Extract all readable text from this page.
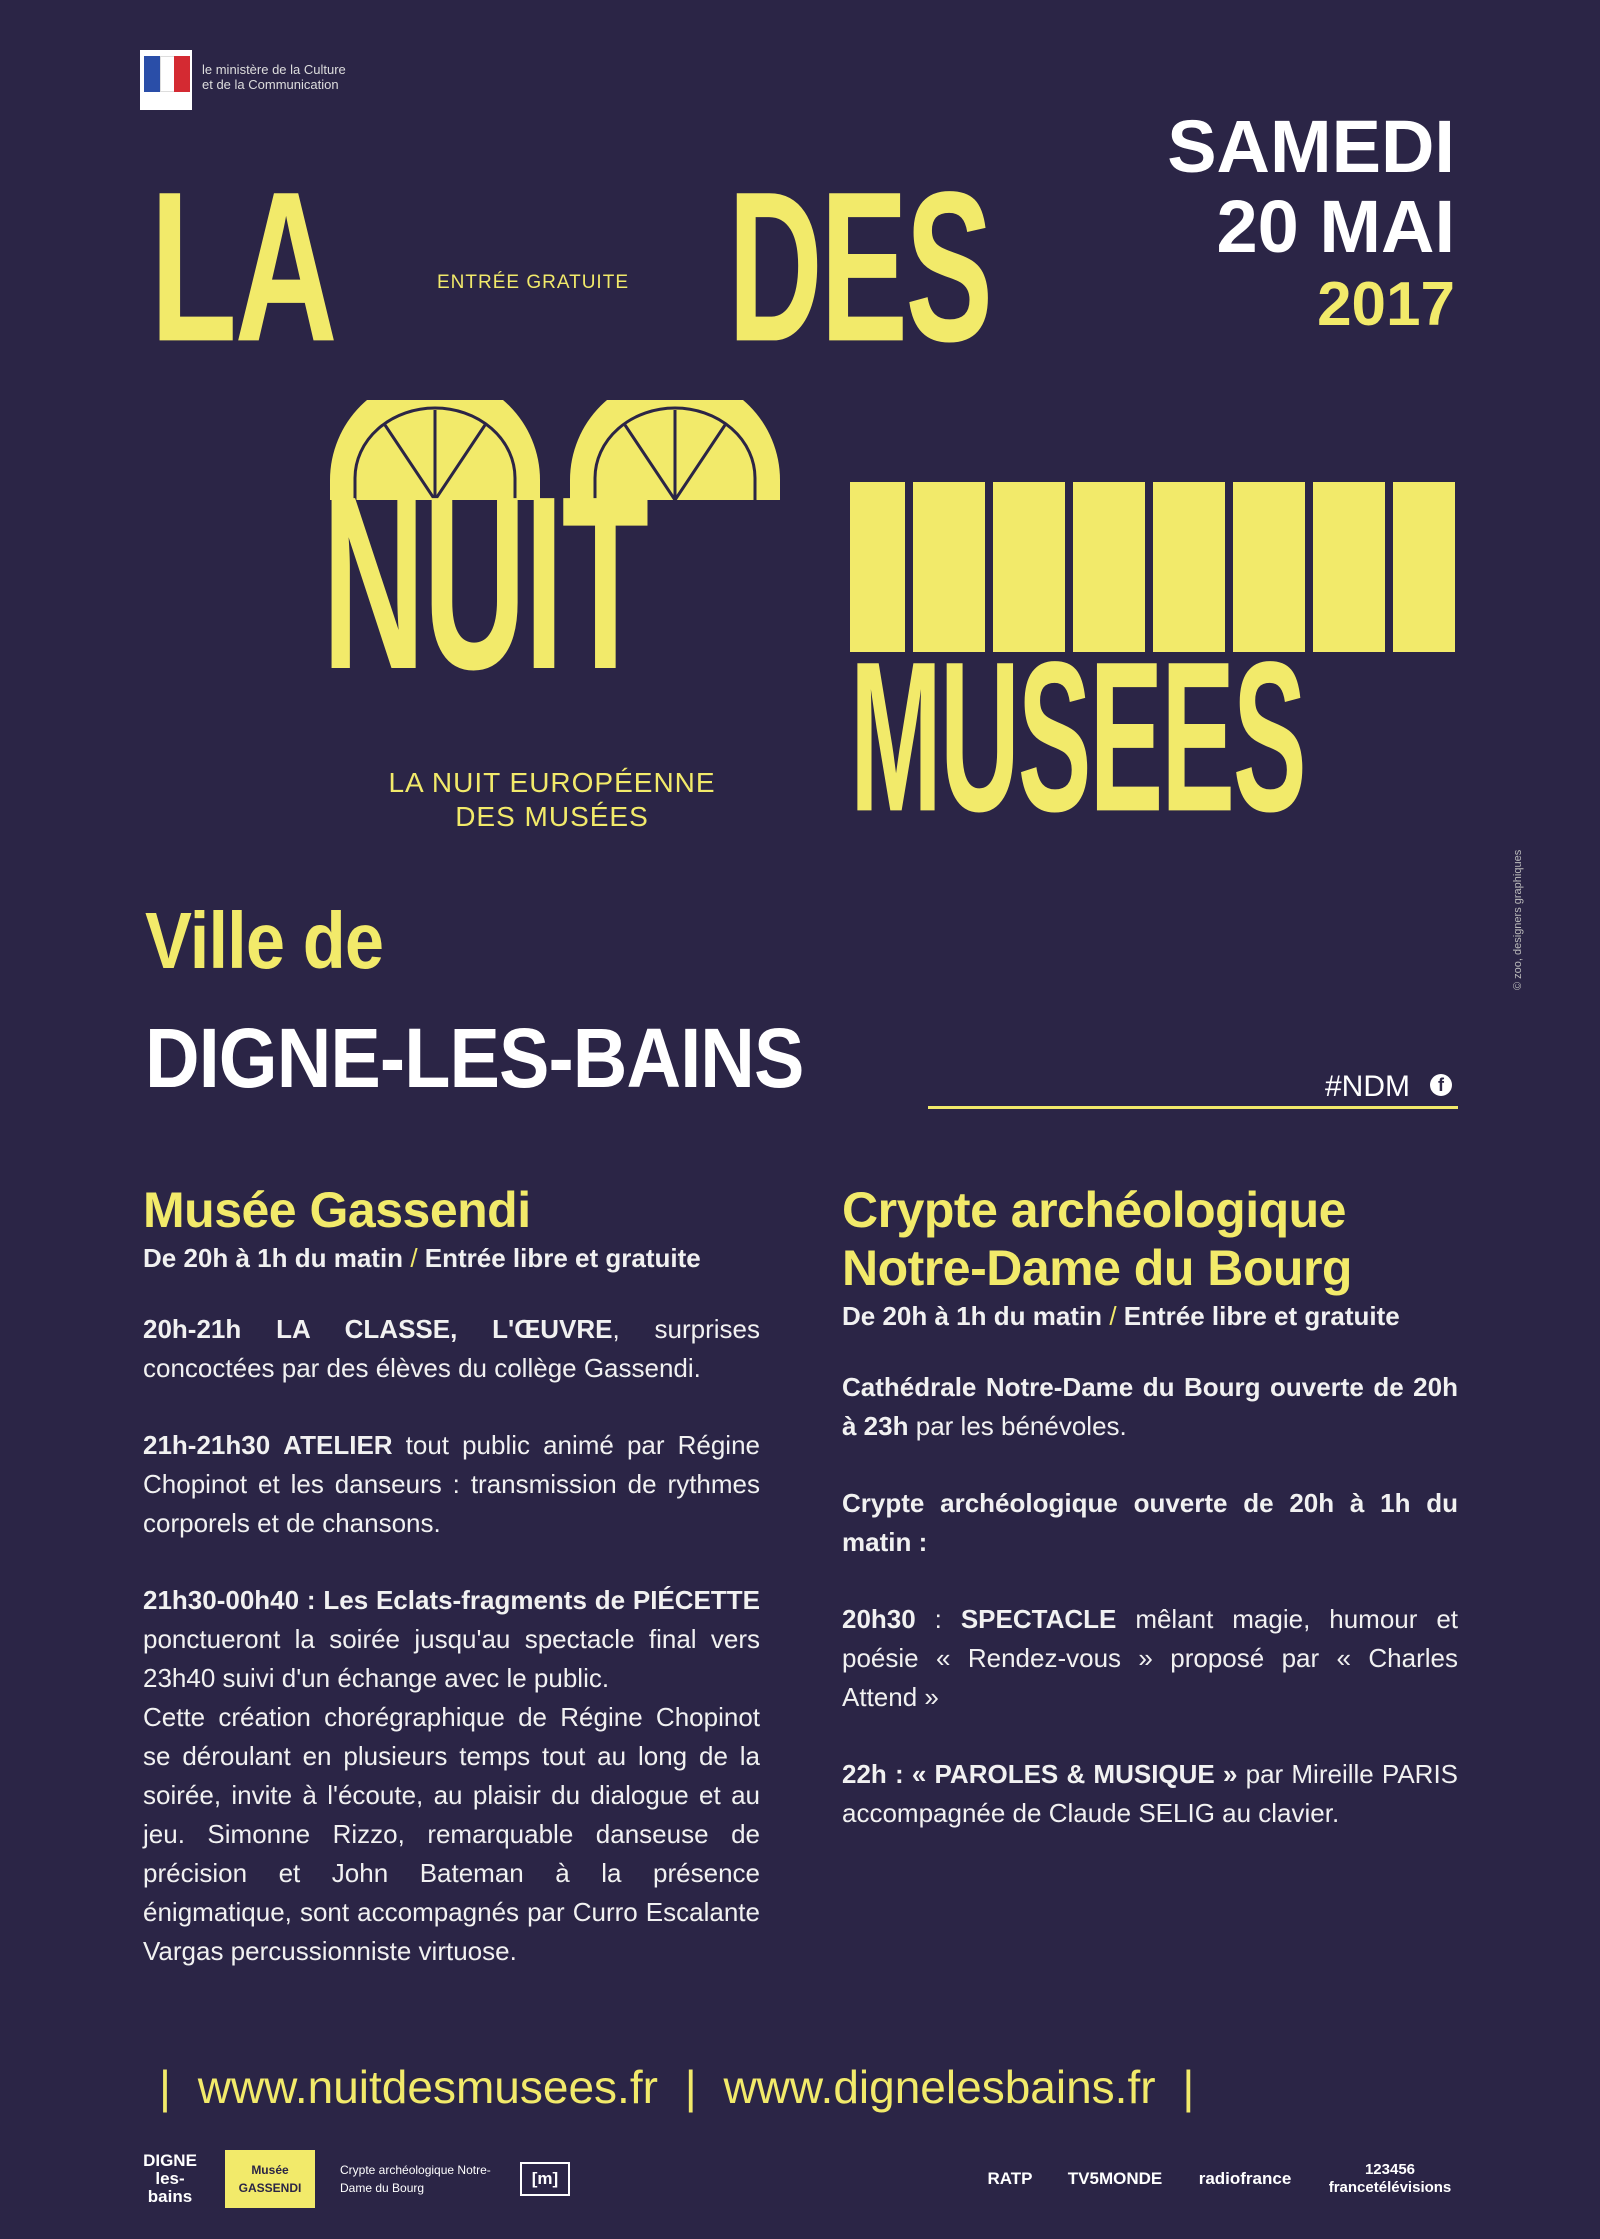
le ministère de la Culture
et de la Communication
LA DES
ENTRÉE GRATUITE
NUIT
MUSÉES
LA NUIT EUROPÉENNE
DES MUSÉES
SAMEDI
20 MAI
2017
Ville de
DIGNE-LES-BAINS	#NDM	f
© zoo, designers graphiques
Musée Gassendi
De 20h à 1h du matin / Entrée libre et gratuite

20h-21h LA CLASSE, L'ŒUVRE, surprises concoctées par des élèves du collège Gassendi.

21h-21h30 ATELIER tout public animé par Régine Chopinot et les danseurs : transmission de rythmes corporels et de chansons.

21h30-00h40 : Les Eclats-fragments de PIÉCETTE ponctueront la soirée jusqu'au spectacle final vers 23h40 suivi d'un échange avec le public.

Cette création chorégraphique de Régine Chopinot se déroulant en plusieurs temps tout au long de la soirée, invite à l'écoute, au plaisir du dialogue et au jeu. Simonne Rizzo, remarquable danseuse de précision et John Bateman à la présence énigmatique, sont accompagnés par Curro Escalante Vargas percussionniste virtuose.

Crypte archéologique
Notre-Dame du Bourg
De 20h à 1h du matin / Entrée libre et gratuite

Cathédrale Notre-Dame du Bourg ouverte de 20h à 23h par les bénévoles.

Crypte archéologique ouverte de 20h à 1h du matin :

20h30 : SPECTACLE mêlant magie, humour et poésie « Rendez-vous » proposé par « Charles Attend »

22h : « PAROLES & MUSIQUE » par Mireille PARIS accompagnée de Claude SELIG au clavier.

| www.nuitdesmusees.fr | www.dignelesbains.fr |
DIGNE les-bains
Musée GASSENDI
Crypte archéologique Notre-Dame du Bourg	[m]	RATP	TV5MONDE	radiofrance	123456 francetélévisions
